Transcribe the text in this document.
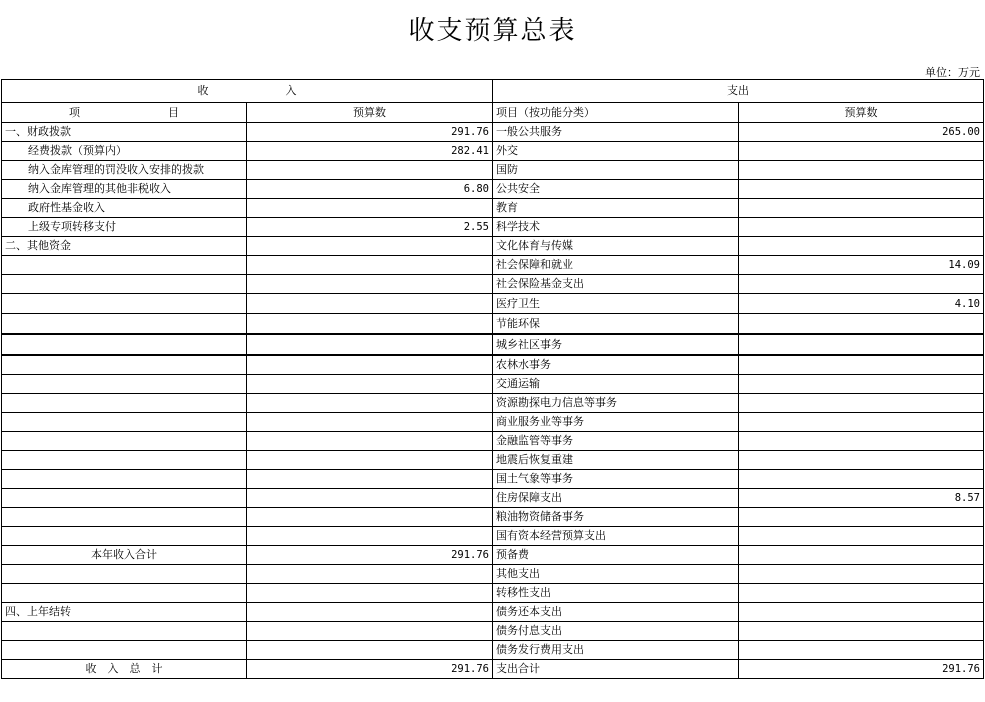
收支预算总表
单位：万元
收　　　　　　　入		支出	
项　　　　　　　　目	预算数	项目（按功能分类）	预算数
一、财政拨款	291.76	一般公共服务	265.00
经费拨款（预算内）	282.41	外交	
纳入金库管理的罚没收入安排的拨款		国防	
纳入金库管理的其他非税收入	6.80	公共安全	
政府性基金收入		教育	
上级专项转移支付	2.55	科学技术	
二、其他资金		文化体育与传媒	
		社会保障和就业	14.09
		社会保险基金支出	
		医疗卫生	4.10
		节能环保	
		城乡社区事务	
		农林水事务	
		交通运输	
		资源勘探电力信息等事务	
		商业服务业等事务	
		金融监管等事务	
		地震后恢复重建	
		国土气象等事务	
		住房保障支出	8.57
		粮油物资储备事务	
		国有资本经营预算支出	
本年收入合计	291.76	预备费	
		其他支出	
		转移性支出	
四、上年结转		债务还本支出	
		债务付息支出	
		债务发行费用支出	
收　入　总　计	291.76	支出合计	291.76
